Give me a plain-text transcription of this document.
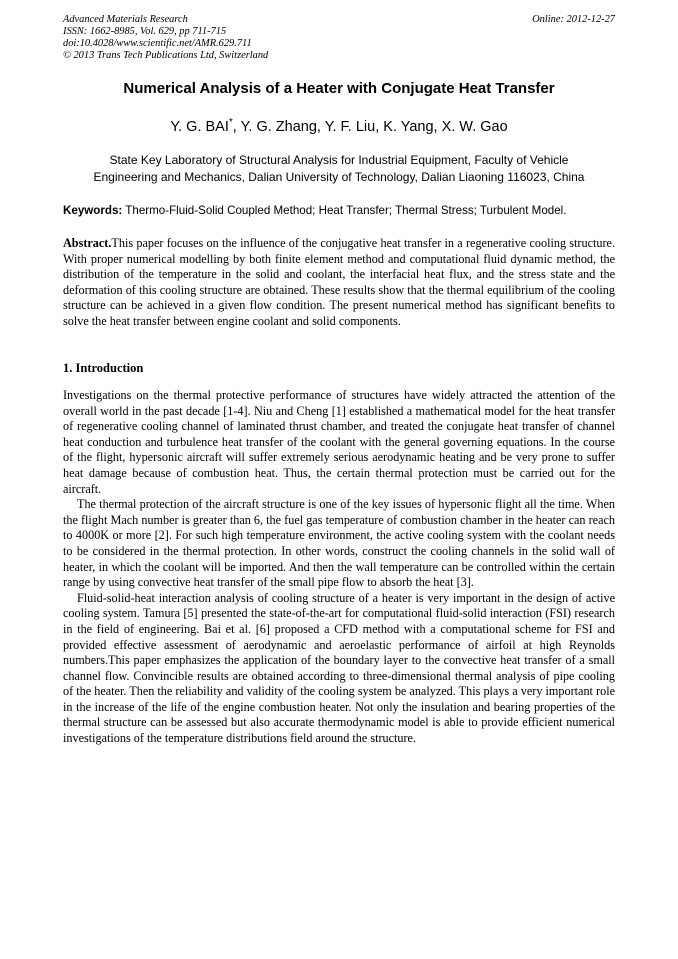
Advanced Materials Research
ISSN: 1662-8985, Vol. 629, pp 711-715
doi:10.4028/www.scientific.net/AMR.629.711
© 2013 Trans Tech Publications Ltd, Switzerland
Online: 2012-12-27
Numerical Analysis of a Heater with Conjugate Heat Transfer
Y. G. BAI*, Y. G. Zhang, Y. F. Liu, K. Yang, X. W. Gao
State Key Laboratory of Structural Analysis for Industrial Equipment, Faculty of Vehicle
Engineering and Mechanics, Dalian University of Technology, Dalian Liaoning 116023, China
Keywords: Thermo-Fluid-Solid Coupled Method; Heat Transfer; Thermal Stress; Turbulent Model.
Abstract.This paper focuses on the influence of the conjugative heat transfer in a regenerative cooling structure. With proper numerical modelling by both finite element method and computational fluid dynamic method, the distribution of the temperature in the solid and coolant, the interfacial heat flux, and the stress state and the deformation of this cooling structure are obtained. These results show that the thermal equilibrium of the cooling structure can be achieved in a given flow condition. The present numerical method has significant benefits to solve the heat transfer between engine coolant and solid components.
1. Introduction

Investigations on the thermal protective performance of structures have widely attracted the attention of the overall world in the past decade [1-4]. Niu and Cheng [1] established a mathematical model for the heat transfer of regenerative cooling channel of laminated thrust chamber, and treated the conjugate heat transfer of channel heat conduction and turbulence heat transfer of the coolant with the general governing equations. In the course of the flight, hypersonic aircraft will suffer extremely serious aerodynamic heating and be very prone to suffer heat damage because of combustion heat. Thus, the certain thermal protection must be carried out for the aircraft.

The thermal protection of the aircraft structure is one of the key issues of hypersonic flight all the time. When the flight Mach number is greater than 6, the fuel gas temperature of combustion chamber in the heater can reach to 4000K or more [2]. For such high temperature environment, the active cooling system with the coolant needs to be considered in the thermal protection. In other words, construct the cooling channels in the solid wall of heater, in which the coolant will be imported. And then the wall temperature can be controlled within the certain range by using convective heat transfer of the small pipe flow to absorb the heat [3].

Fluid-solid-heat interaction analysis of cooling structure of a heater is very important in the design of active cooling system. Tamura [5] presented the state-of-the-art for computational fluid-solid interaction (FSI) research in the field of engineering. Bai et al. [6] proposed a CFD method with a computational scheme for FSI and provided effective assessment of aerodynamic and aeroelastic performance of airfoil at high Reynolds numbers.This paper emphasizes the application of the boundary layer to the convective heat transfer of a small channel flow. Convincible results are obtained according to three-dimensional thermal analysis of pipe cooling of the heater. Then the reliability and validity of the cooling system be analyzed. This plays a very important role in the increase of the life of the engine combustion heater. Not only the insulation and bearing properties of the thermal structure can be assessed but also accurate thermodynamic model is able to provide efficient numerical investigations of the temperature distributions field around the structure.
